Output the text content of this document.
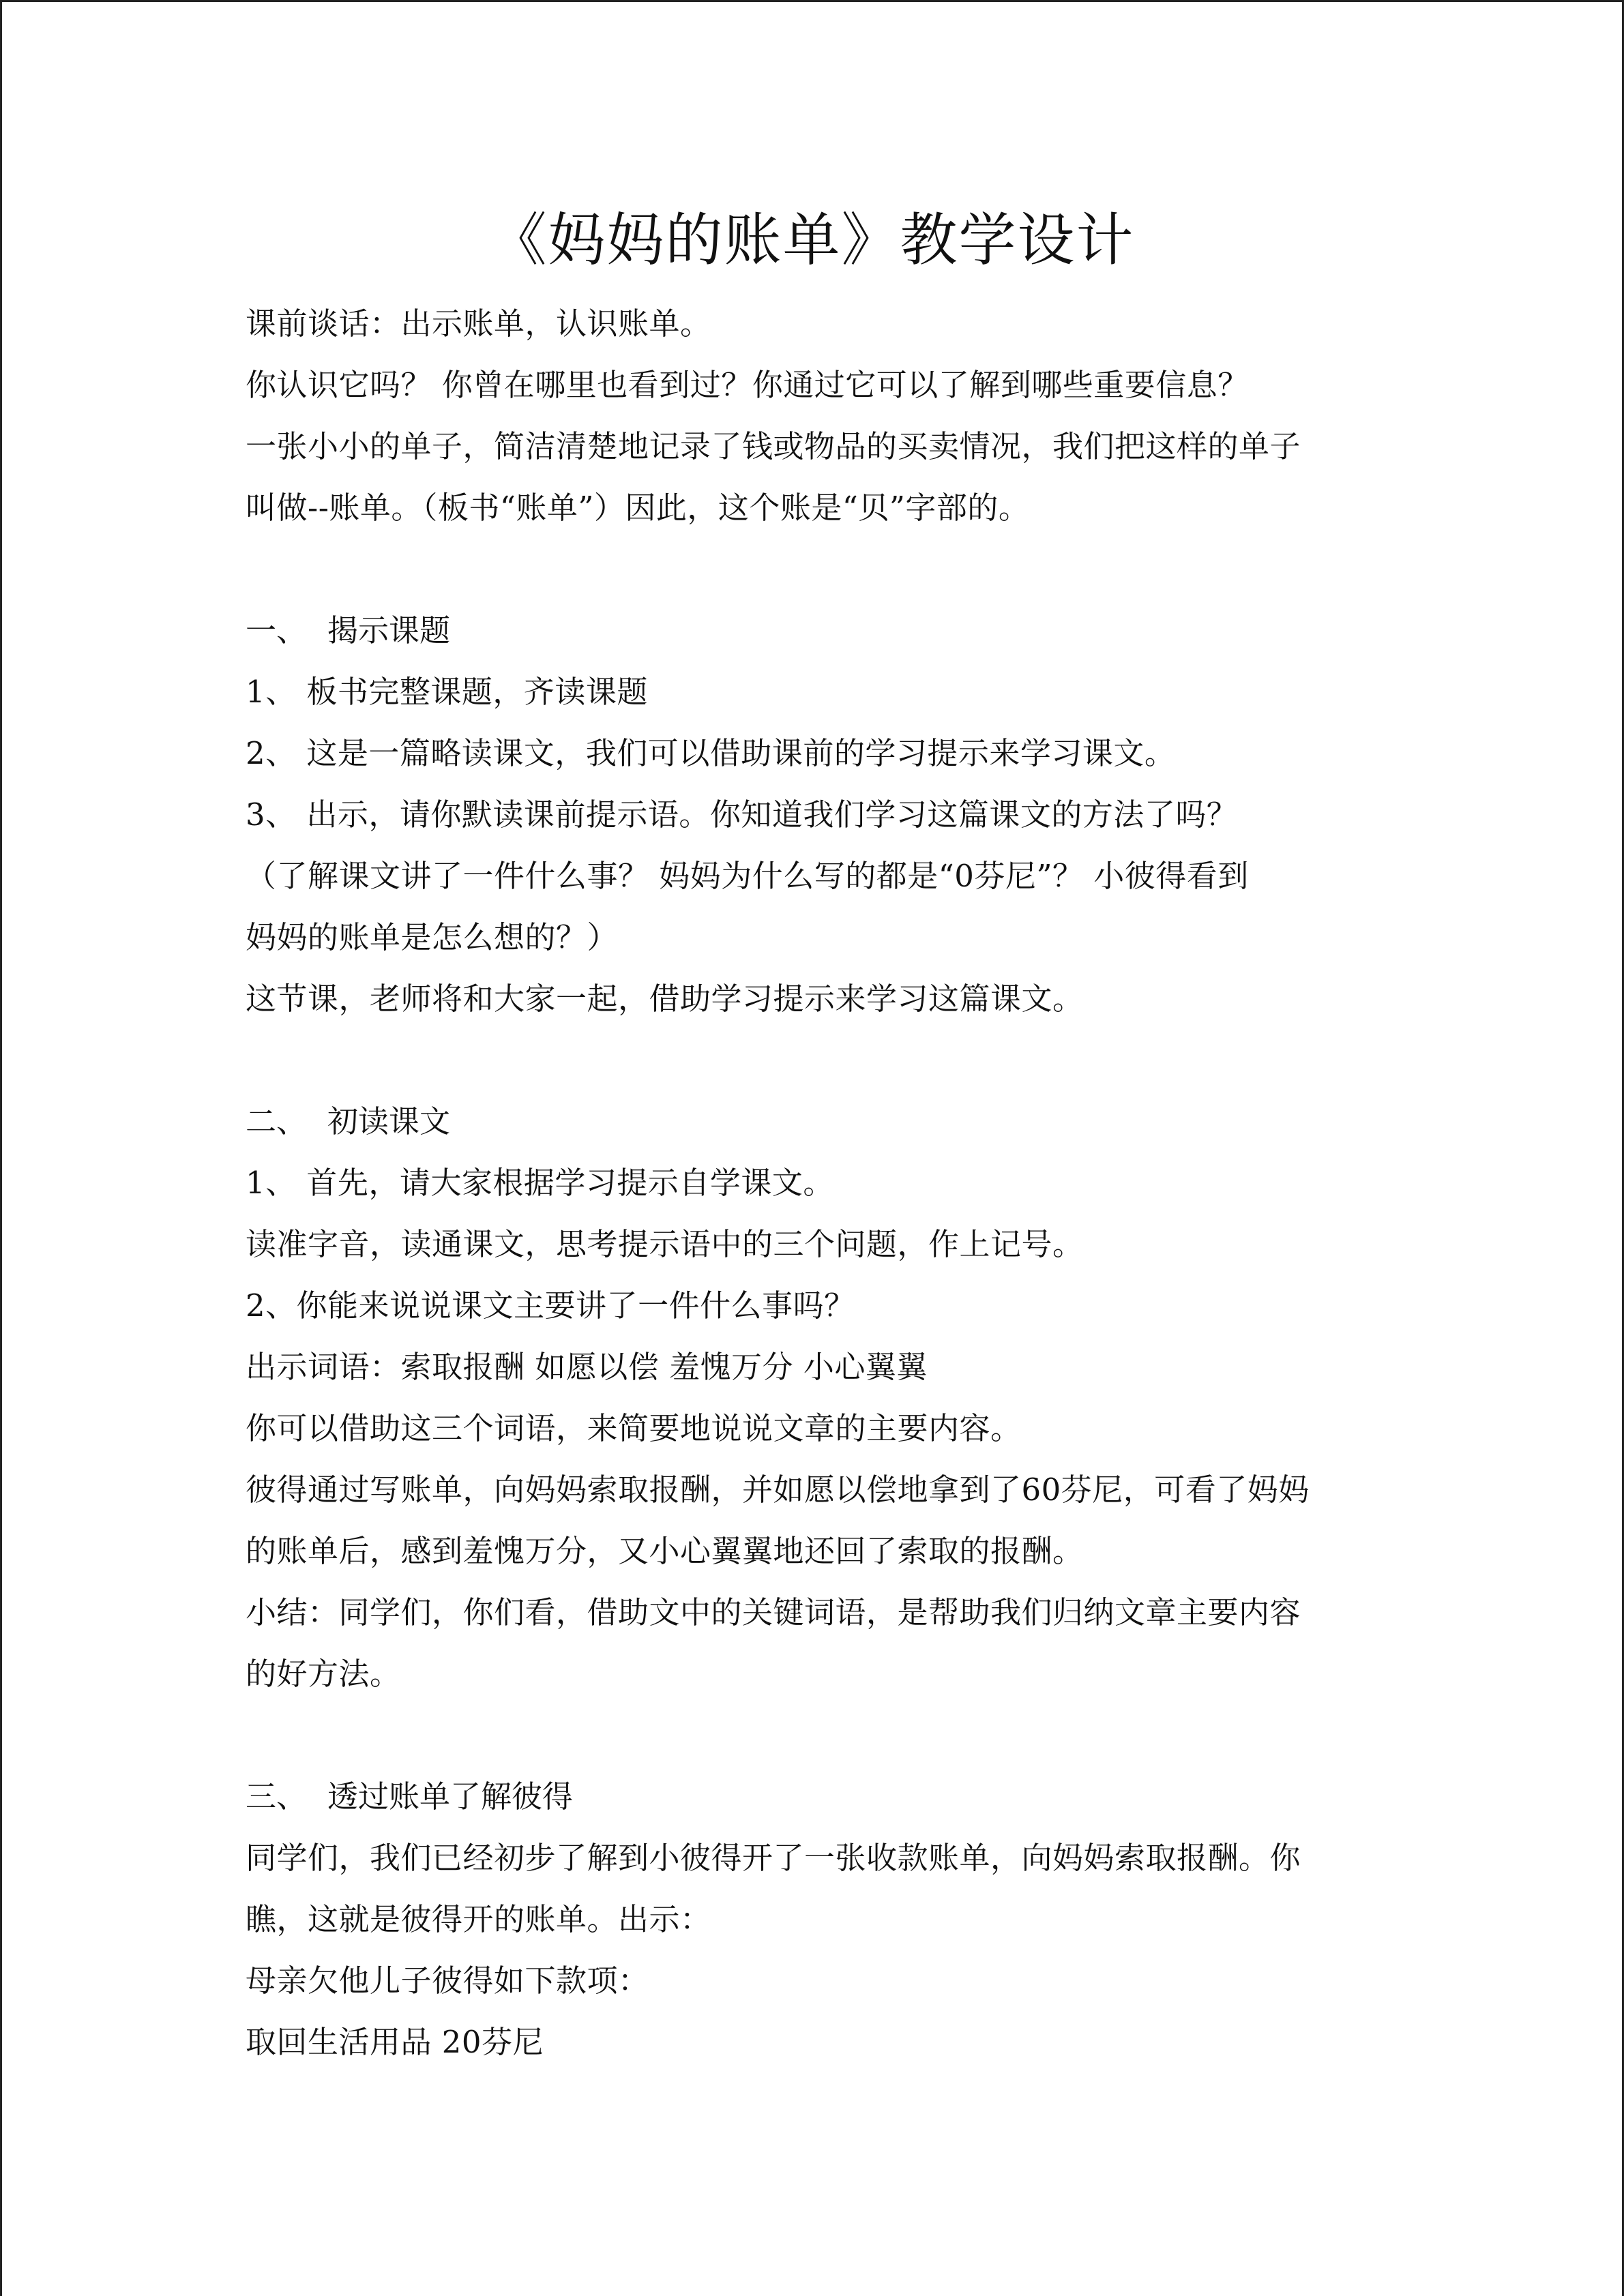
《妈妈的账单》教学设计
课前谈话：出示账单，认识账单。
你认识它吗？ 你曾在哪里也看到过？你通过它可以了解到哪些重要信息？
一张小小的单子，简洁清楚地记录了钱或物品的买卖情况，我们把这样的单子
叫做--账单。（板书“账单”）因此，这个账是“贝”字部的。
一、 揭示课题
1、 板书完整课题，齐读课题
2、 这是一篇略读课文，我们可以借助课前的学习提示来学习课文。
3、 出示，请你默读课前提示语。你知道我们学习这篇课文的方法了吗？
（了解课文讲了一件什么事？ 妈妈为什么写的都是“0芬尼”？ 小彼得看到
妈妈的账单是怎么想的？）
这节课，老师将和大家一起，借助学习提示来学习这篇课文。
二、 初读课文
1、 首先，请大家根据学习提示自学课文。
读准字音，读通课文，思考提示语中的三个问题，作上记号。
2、你能来说说课文主要讲了一件什么事吗？
出示词语：索取报酬 如愿以偿 羞愧万分 小心翼翼
你可以借助这三个词语，来简要地说说文章的主要内容。
彼得通过写账单，向妈妈索取报酬，并如愿以偿地拿到了60芬尼，可看了妈妈
的账单后，感到羞愧万分，又小心翼翼地还回了索取的报酬。
小结：同学们，你们看，借助文中的关键词语，是帮助我们归纳文章主要内容
的好方法。
三、 透过账单了解彼得
同学们，我们已经初步了解到小彼得开了一张收款账单，向妈妈索取报酬。你
瞧，这就是彼得开的账单。出示：
母亲欠他儿子彼得如下款项：
取回生活用品 20芬尼
